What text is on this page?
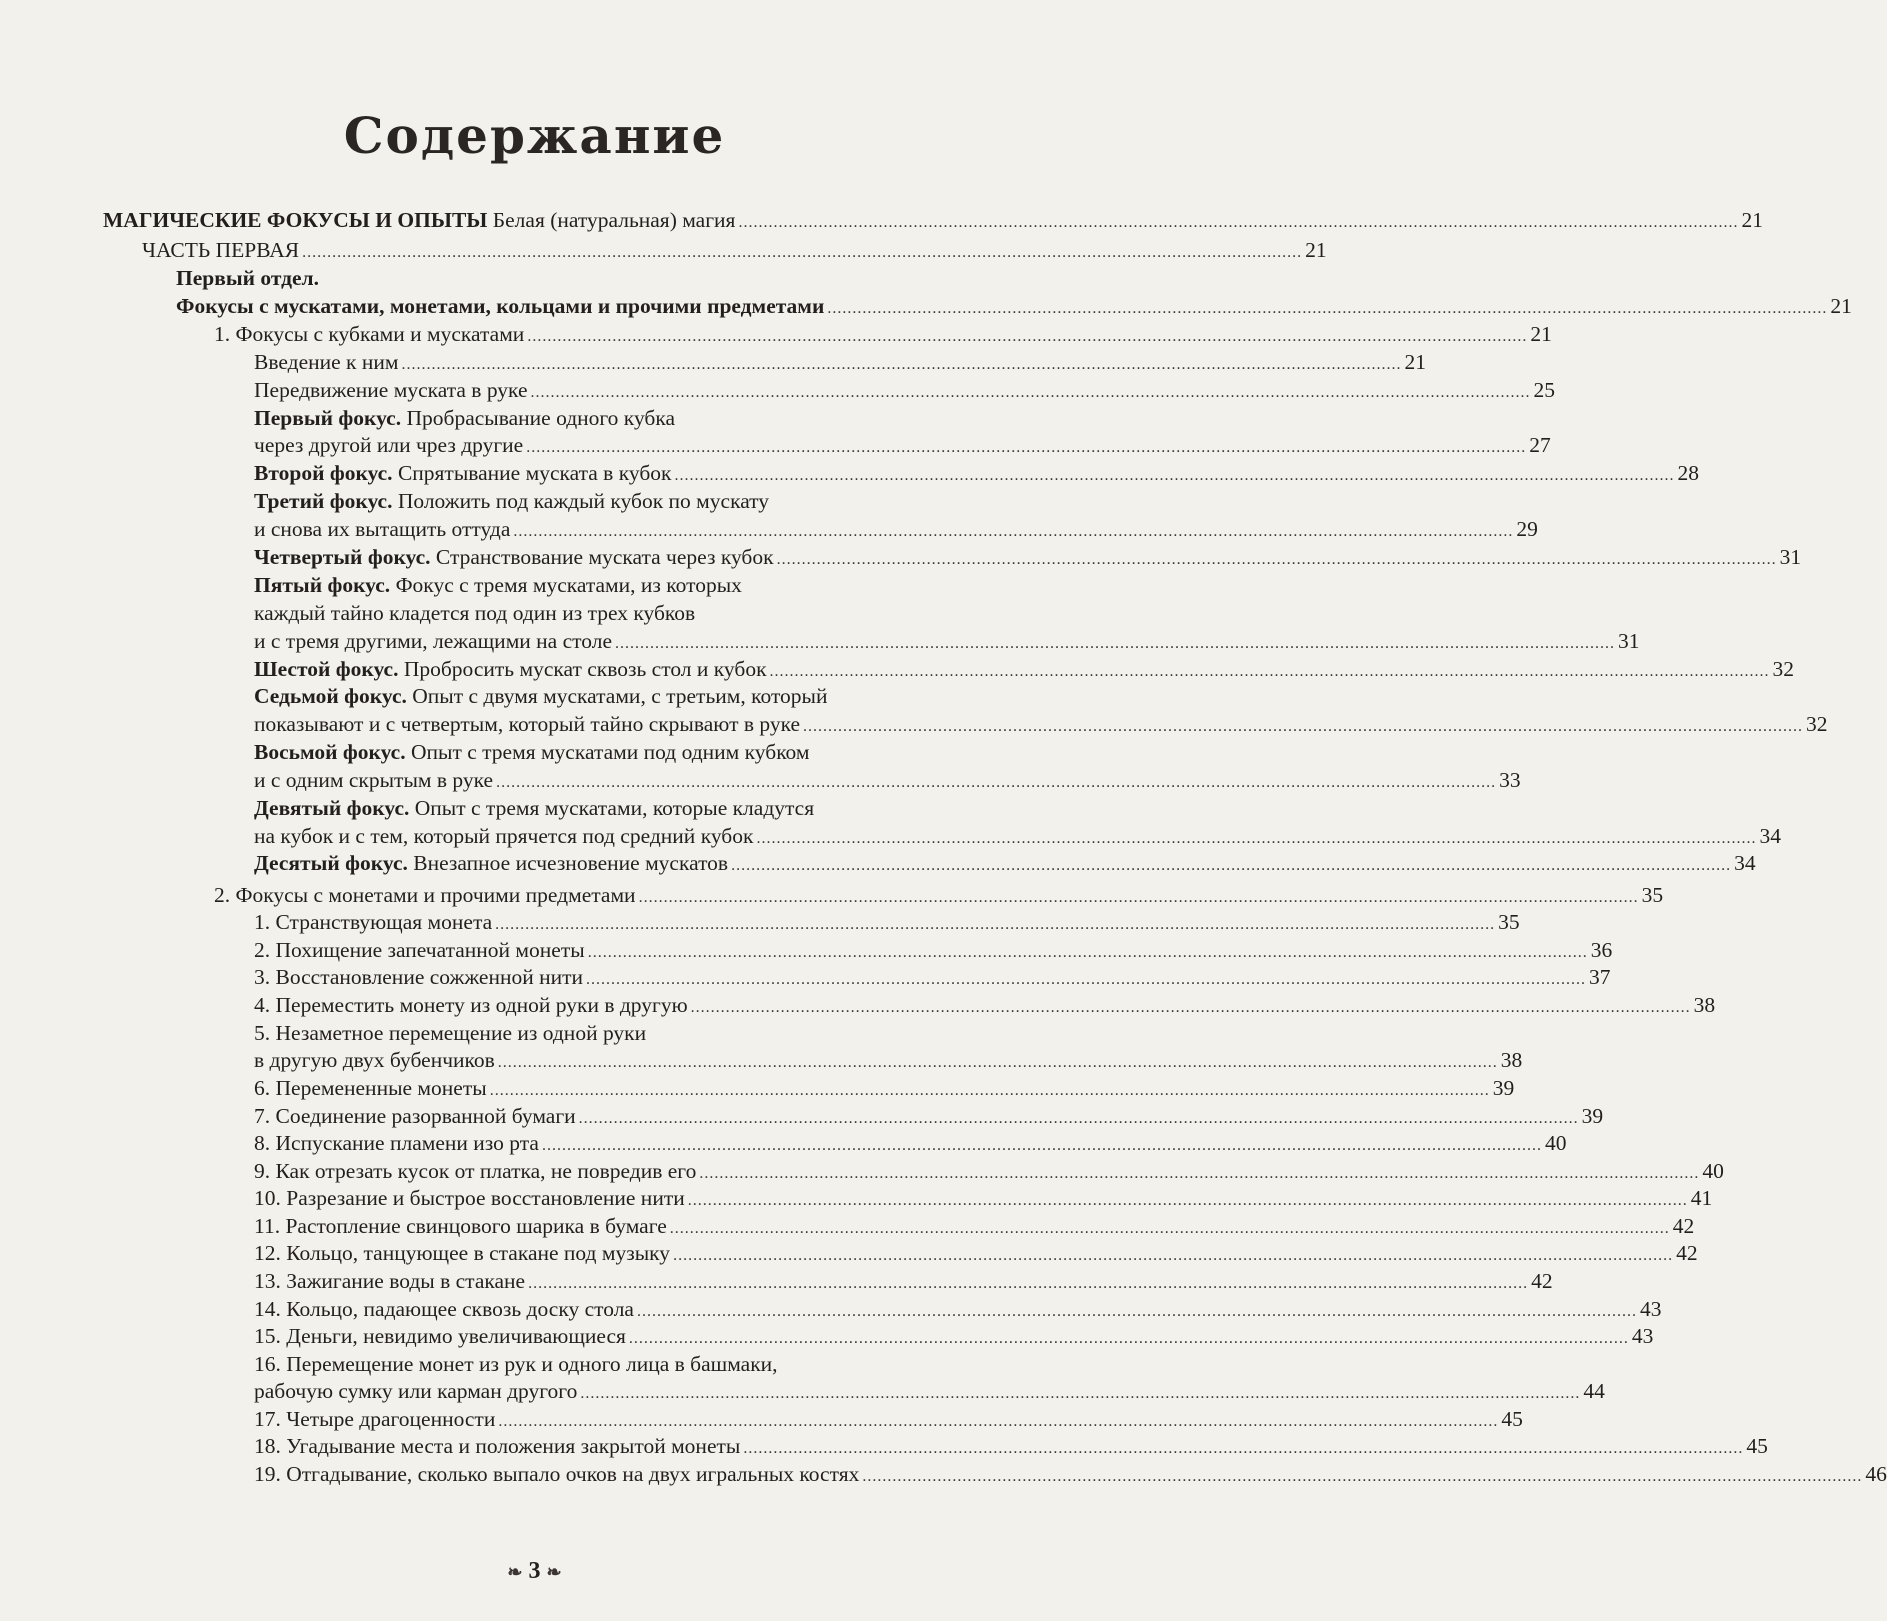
Содержание
МАГИЧЕСКИЕ ФОКУСЫ И ОПЫТЫ Белая (натуральная) магия ........................................................................................................................................................................................................ 21
ЧАСТЬ ПЕРВАЯ ........................................................................................................................................................................................................ 21
Первый отдел.
Фокусы с мускатами, монетами, кольцами и прочими предметами ........................................................................................................................................................................................................ 21
1. Фокусы с кубками и мускатами ........................................................................................................................................................................................................ 21
Введение к ним ........................................................................................................................................................................................................ 21
Передвижение муската в руке ........................................................................................................................................................................................................ 25
Первый фокус. Пробрасывание одного кубка
через другой или чрез другие ........................................................................................................................................................................................................ 27
Второй фокус. Спрятывание муската в кубок ........................................................................................................................................................................................................ 28
Третий фокус. Положить под каждый кубок по мускату
и снова их вытащить оттуда ........................................................................................................................................................................................................ 29
Четвертый фокус. Странствование муската через кубок ........................................................................................................................................................................................................ 31
Пятый фокус. Фокус с тремя мускатами, из которых
каждый тайно кладется под один из трех кубков
и с тремя другими, лежащими на столе ........................................................................................................................................................................................................ 31
Шестой фокус. Пробросить мускат сквозь стол и кубок ........................................................................................................................................................................................................ 32
Седьмой фокус. Опыт с двумя мускатами, с третьим, который
показывают и с четвертым, который тайно скрывают в руке ........................................................................................................................................................................................................ 32
Восьмой фокус. Опыт с тремя мускатами под одним кубком
и с одним скрытым в руке ........................................................................................................................................................................................................ 33
Девятый фокус. Опыт с тремя мускатами, которые кладутся
на кубок и с тем, который прячется под средний кубок ........................................................................................................................................................................................................ 34
Десятый фокус. Внезапное исчезновение мускатов ........................................................................................................................................................................................................ 34
2. Фокусы с монетами и прочими предметами ........................................................................................................................................................................................................ 35
1. Странствующая монета ........................................................................................................................................................................................................ 35
2. Похищение запечатанной монеты ........................................................................................................................................................................................................ 36
3. Восстановление сожженной нити ........................................................................................................................................................................................................ 37
4. Переместить монету из одной руки в другую ........................................................................................................................................................................................................ 38
5. Незаметное перемещение из одной руки
в другую двух бубенчиков ........................................................................................................................................................................................................ 38
6. Перемененные монеты ........................................................................................................................................................................................................ 39
7. Соединение разорванной бумаги ........................................................................................................................................................................................................ 39
8. Испускание пламени изо рта ........................................................................................................................................................................................................ 40
9. Как отрезать кусок от платка, не повредив его ........................................................................................................................................................................................................ 40
10. Разрезание и быстрое восстановление нити ........................................................................................................................................................................................................ 41
11. Растопление свинцового шарика в бумаге ........................................................................................................................................................................................................ 42
12. Кольцо, танцующее в стакане под музыку ........................................................................................................................................................................................................ 42
13. Зажигание воды в стакане ........................................................................................................................................................................................................ 42
14. Кольцо, падающее сквозь доску стола ........................................................................................................................................................................................................ 43
15. Деньги, невидимо увеличивающиеся ........................................................................................................................................................................................................ 43
16. Перемещение монет из рук и одного лица в башмаки,
рабочую сумку или карман другого ........................................................................................................................................................................................................ 44
17. Четыре драгоценности ........................................................................................................................................................................................................ 45
18. Угадывание места и положения закрытой монеты ........................................................................................................................................................................................................ 45
19. Отгадывание, сколько выпало очков на двух игральных костях ........................................................................................................................................................................................................ 46
❧ 3 ❧
